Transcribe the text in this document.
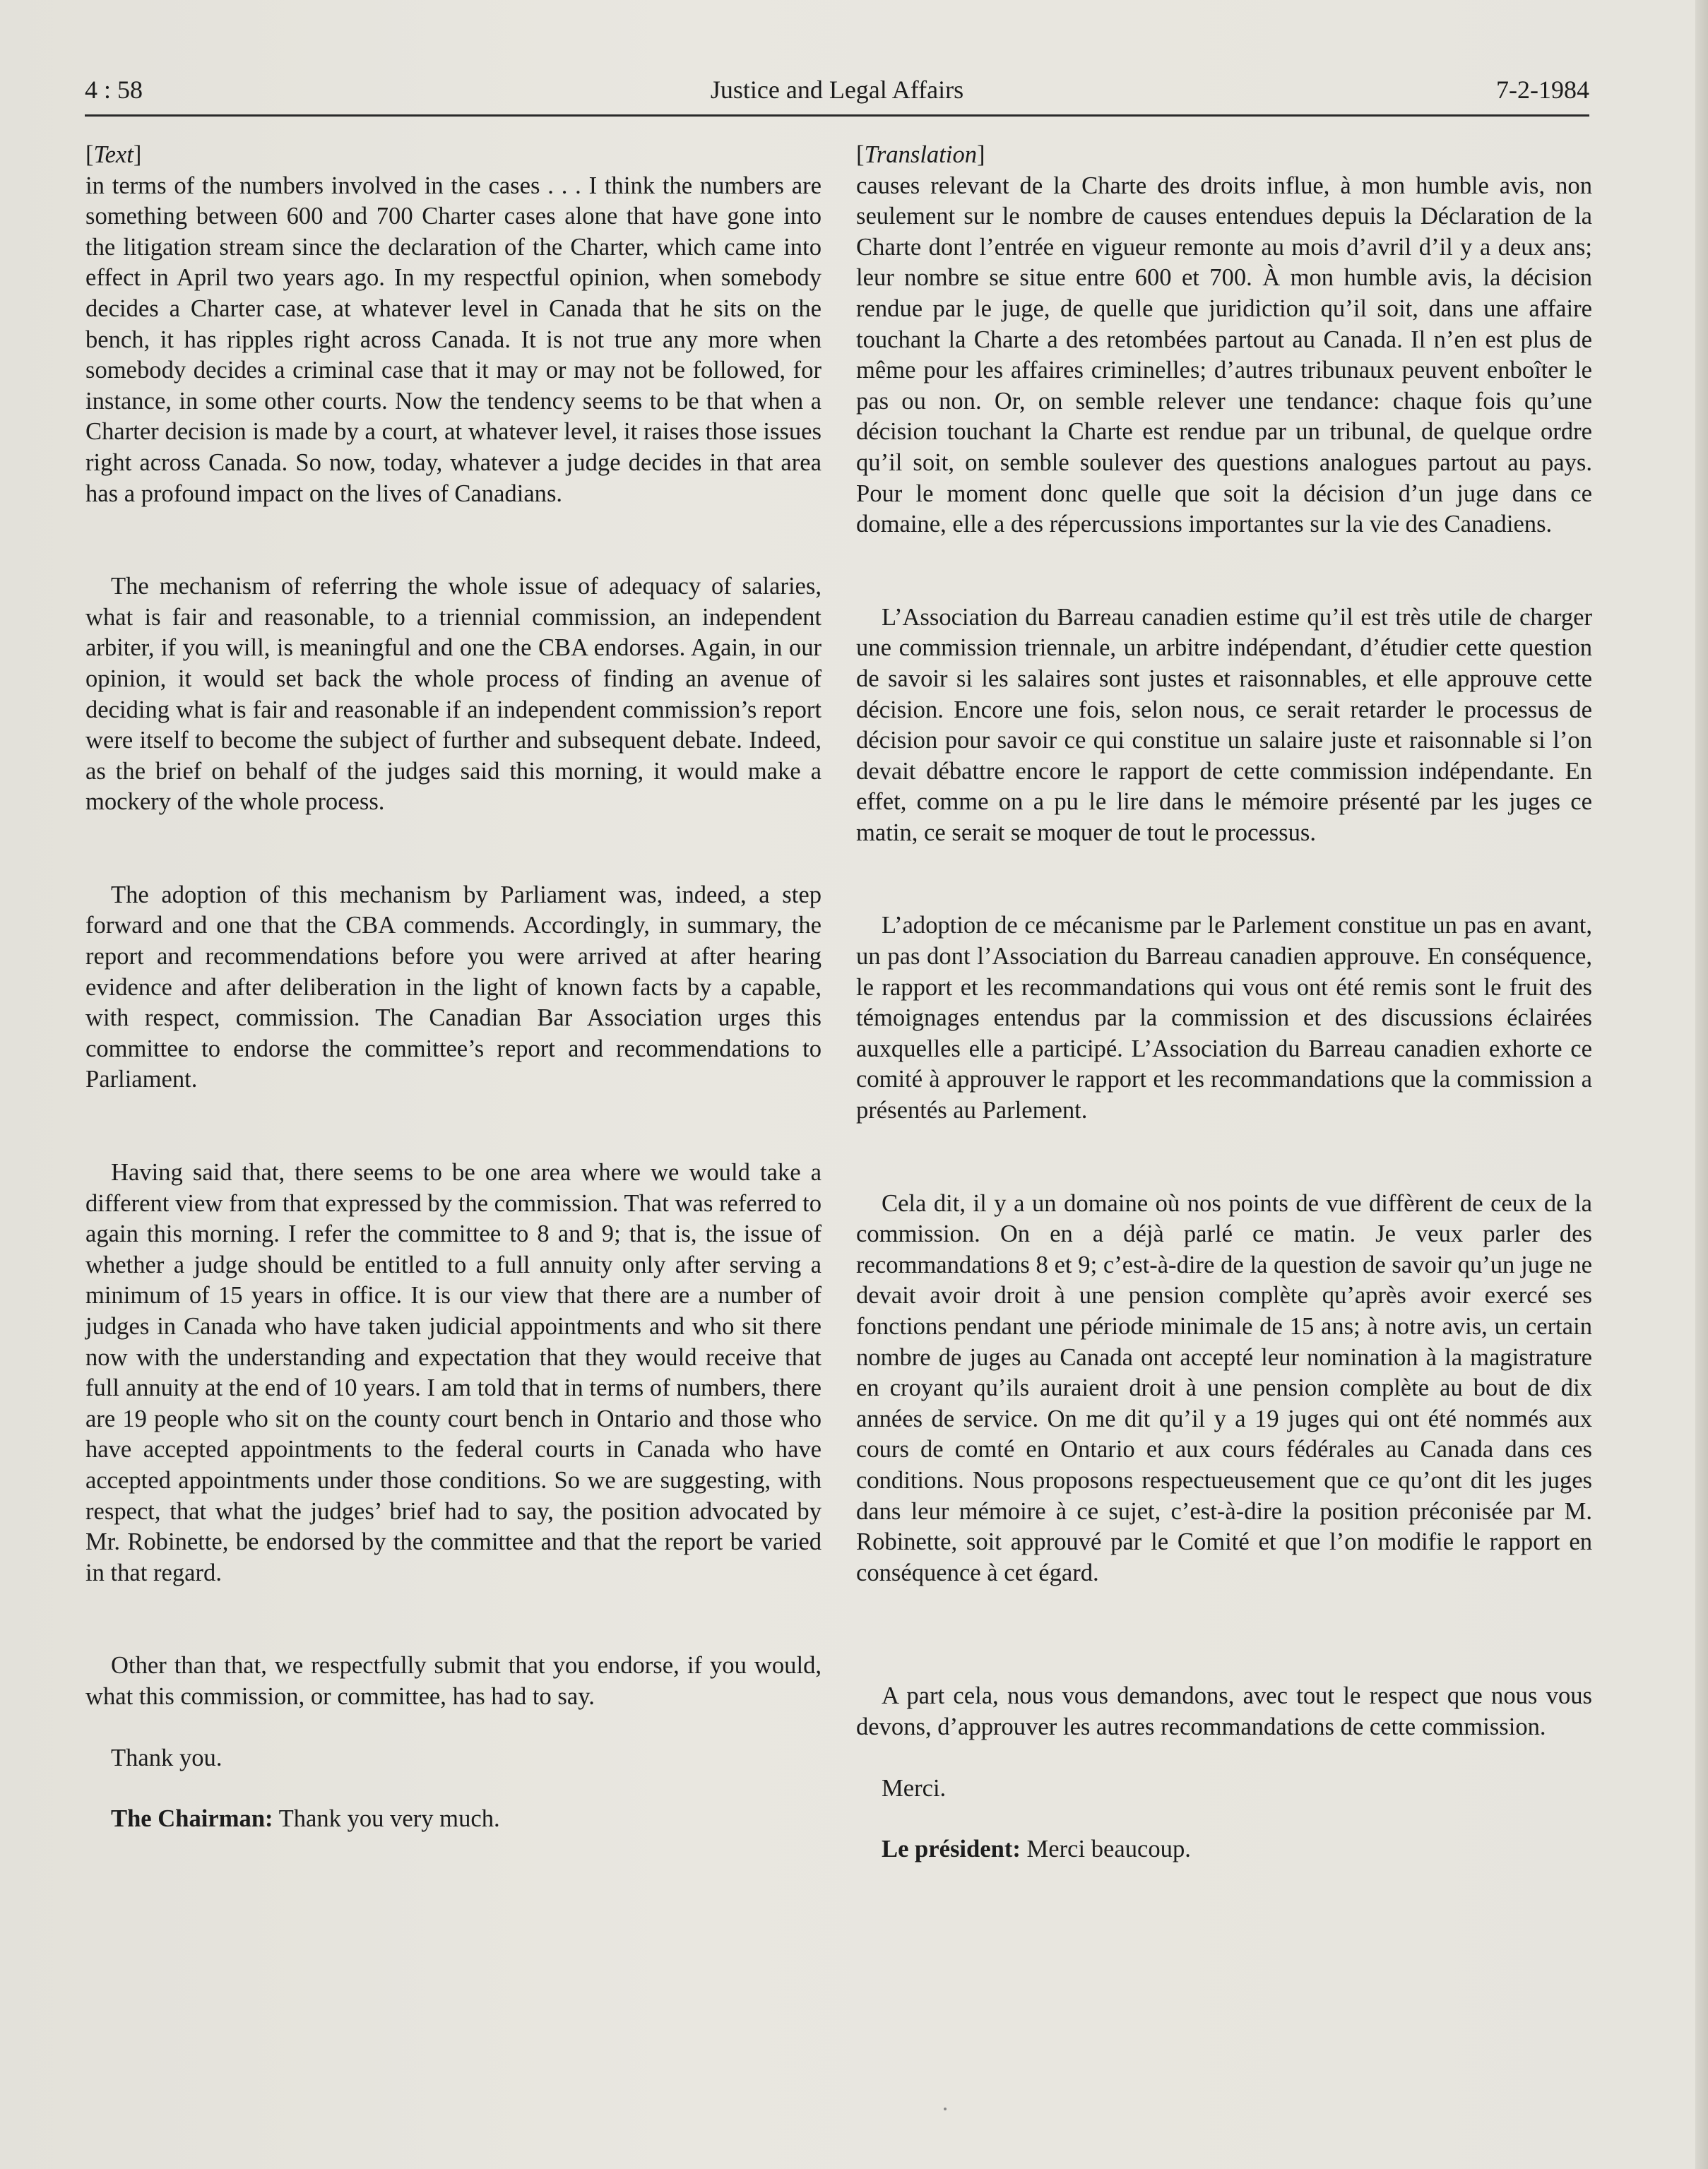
4 : 58	Justice and Legal Affairs	7-2-1984

[Text]

in terms of the numbers involved in the cases . . . I think the numbers are something between 600 and 700 Charter cases alone that have gone into the litigation stream since the declaration of the Charter, which came into effect in April two years ago. In my respectful opinion, when somebody decides a Charter case, at whatever level in Canada that he sits on the bench, it has ripples right across Canada. It is not true any more when somebody decides a criminal case that it may or may not be followed, for instance, in some other courts. Now the tendency seems to be that when a Charter decision is made by a court, at whatever level, it raises those issues right across Canada. So now, today, whatever a judge decides in that area has a profound impact on the lives of Canadians.

The mechanism of referring the whole issue of adequacy of salaries, what is fair and reasonable, to a triennial commission, an independent arbiter, if you will, is meaningful and one the CBA endorses. Again, in our opinion, it would set back the whole process of finding an avenue of deciding what is fair and reasonable if an independent commission’s report were itself to become the subject of further and subsequent debate. Indeed, as the brief on behalf of the judges said this morning, it would make a mockery of the whole process.

The adoption of this mechanism by Parliament was, indeed, a step forward and one that the CBA commends. Accordingly, in summary, the report and recommendations before you were arrived at after hearing evidence and after deliberation in the light of known facts by a capable, with respect, commission. The Canadian Bar Association urges this committee to endorse the committee’s report and recommendations to Parliament.

Having said that, there seems to be one area where we would take a different view from that expressed by the commission. That was referred to again this morning. I refer the committee to 8 and 9; that is, the issue of whether a judge should be entitled to a full annuity only after serving a minimum of 15 years in office. It is our view that there are a number of judges in Canada who have taken judicial appointments and who sit there now with the understanding and expectation that they would receive that full annuity at the end of 10 years. I am told that in terms of numbers, there are 19 people who sit on the county court bench in Ontario and those who have accepted appointments to the federal courts in Canada who have accepted appointments under those conditions. So we are suggesting, with respect, that what the judges’ brief had to say, the position advocated by Mr. Robinette, be endorsed by the committee and that the report be varied in that regard.

Other than that, we respectfully submit that you endorse, if you would, what this commission, or committee, has had to say.

Thank you.

The Chairman: Thank you very much.

[Translation]

causes relevant de la Charte des droits influe, à mon humble avis, non seulement sur le nombre de causes entendues depuis la Déclaration de la Charte dont l’entrée en vigueur remonte au mois d’avril d’il y a deux ans; leur nombre se situe entre 600 et 700. À mon humble avis, la décision rendue par le juge, de quelle que juridiction qu’il soit, dans une affaire touchant la Charte a des retombées partout au Canada. Il n’en est plus de même pour les affaires criminelles; d’autres tribunaux peuvent enboîter le pas ou non. Or, on semble relever une tendance: chaque fois qu’une décision touchant la Charte est rendue par un tribunal, de quelque ordre qu’il soit, on semble soulever des questions analogues partout au pays. Pour le moment donc quelle que soit la décision d’un juge dans ce domaine, elle a des répercussions importantes sur la vie des Canadiens.

L’Association du Barreau canadien estime qu’il est très utile de charger une commission triennale, un arbitre indépendant, d’étudier cette question de savoir si les salaires sont justes et raisonnables, et elle approuve cette décision. Encore une fois, selon nous, ce serait retarder le processus de décision pour savoir ce qui constitue un salaire juste et raisonnable si l’on devait débattre encore le rapport de cette commission indépendante. En effet, comme on a pu le lire dans le mémoire présenté par les juges ce matin, ce serait se moquer de tout le processus.

L’adoption de ce mécanisme par le Parlement constitue un pas en avant, un pas dont l’Association du Barreau canadien approuve. En conséquence, le rapport et les recommandations qui vous ont été remis sont le fruit des témoignages entendus par la commission et des discussions éclairées auxquelles elle a participé. L’Association du Barreau canadien exhorte ce comité à approuver le rapport et les recommandations que la commission a présentés au Parlement.

Cela dit, il y a un domaine où nos points de vue diffèrent de ceux de la commission. On en a déjà parlé ce matin. Je veux parler des recommandations 8 et 9; c’est-à-dire de la question de savoir qu’un juge ne devait avoir droit à une pension complète qu’après avoir exercé ses fonctions pendant une période minimale de 15 ans; à notre avis, un certain nombre de juges au Canada ont accepté leur nomination à la magistrature en croyant qu’ils auraient droit à une pension complète au bout de dix années de service. On me dit qu’il y a 19 juges qui ont été nommés aux cours de comté en Ontario et aux cours fédérales au Canada dans ces conditions. Nous proposons respectueusement que ce qu’ont dit les juges dans leur mémoire à ce sujet, c’est-à-dire la position préconisée par M. Robinette, soit approuvé par le Comité et que l’on modifie le rapport en conséquence à cet égard.

A part cela, nous vous demandons, avec tout le respect que nous vous devons, d’approuver les autres recommandations de cette commission.

Merci.

Le président: Merci beaucoup.
